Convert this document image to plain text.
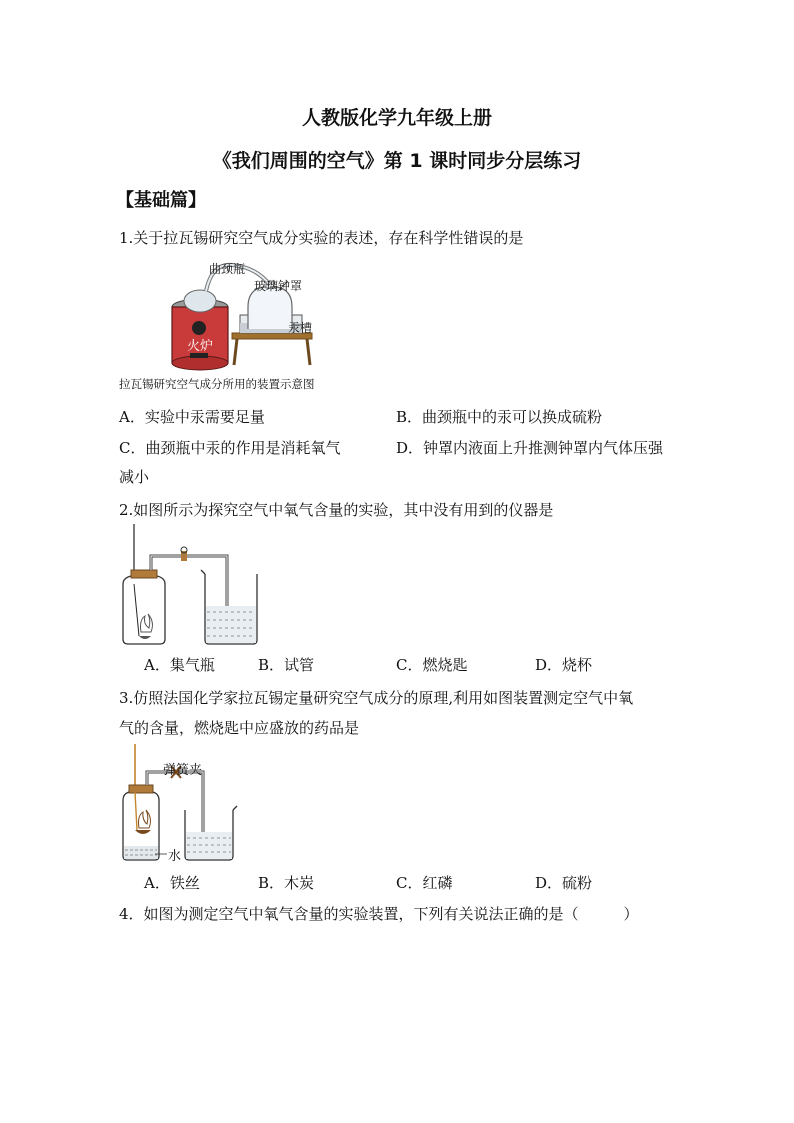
人教版化学九年级上册
《我们周围的空气》第 1 课时同步分层练习
【基础篇】
1.关于拉瓦锡研究空气成分实验的表述，存在科学性错误的是
火炉
曲颈瓶
玻璃钟罩
汞槽
拉瓦锡研究空气成分所用的装置示意图
A．实验中汞需要足量	B．曲颈瓶中的汞可以换成硫粉
C．曲颈瓶中汞的作用是消耗氧气	D．钟罩内液面上升推测钟罩内气体压强
减小
2.如图所示为探究空气中氧气含量的实验，其中没有用到的仪器是
A．集气瓶	B．试管	C．燃烧匙	D．烧杯
3.仿照法国化学家拉瓦锡定量研究空气成分的原理,利用如图装置测定空气中氧
气的含量，燃烧匙中应盛放的药品是
弹簧夹
水
A．铁丝	B．木炭	C．红磷	D．硫粉
4．如图为测定空气中氧气含量的实验装置，下列有关说法正确的是（　　　）
